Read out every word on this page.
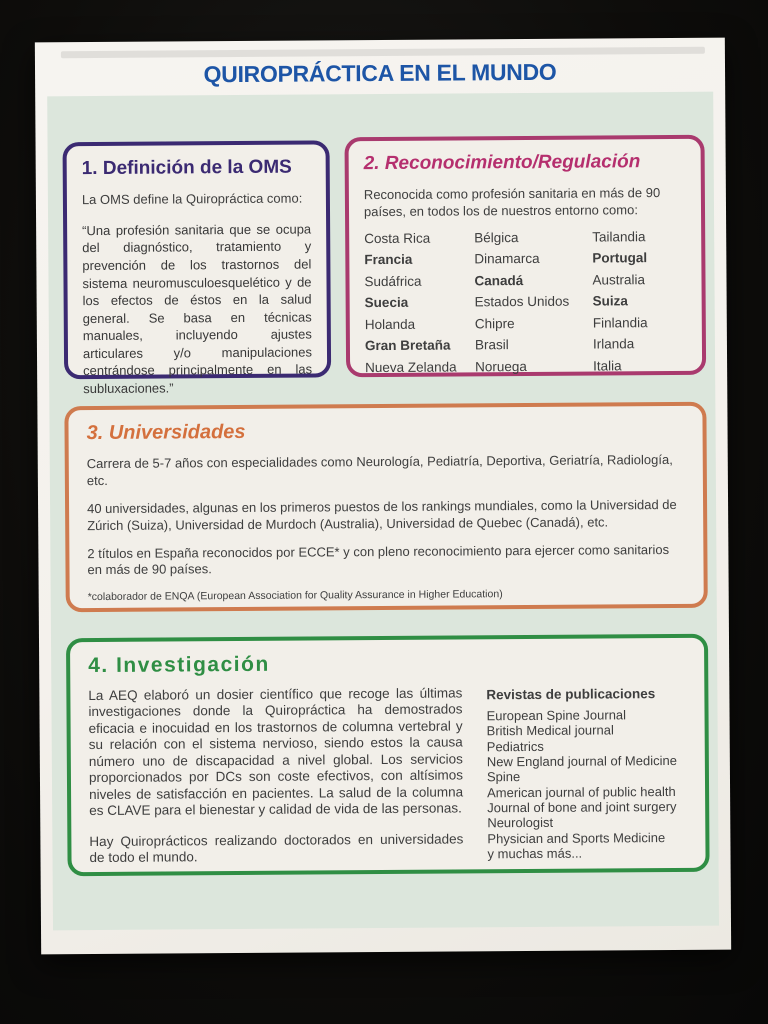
QUIROPRÁCTICA EN EL MUNDO

1. Definición de la OMS

La OMS define la Quiropráctica como:
“Una profesión sanitaria que se ocupa del diagnóstico, tratamiento y prevención de los trastornos del sistema neuromusculoesquelético y de los efectos de éstos en la salud general. Se basa en técnicas manuales, incluyendo ajustes articulares y/o manipulaciones centrándose principalmente en las subluxaciones.”

2. Reconocimiento/Regulación

Reconocida como profesión sanitaria en más de 90 países, en todos los de nuestros entorno como:
Costa Rica	Bélgica	Tailandia
Francia	Dinamarca	Portugal
Sudáfrica	Canadá	Australia
Suecia	Estados Unidos	Suiza
Holanda	Chipre	Finlandia
Gran Bretaña	Brasil	Irlanda
Nueva Zelanda	Noruega	Italia

3. Universidades

Carrera de 5-7 años con especialidades como Neurología, Pediatría, Deportiva, Geriatría, Radiología, etc.

40 universidades, algunas en los primeros puestos de los rankings mundiales, como la Universidad de Zúrich (Suiza), Universidad de Murdoch (Australia), Universidad de Quebec (Canadá), etc.

2 títulos en España reconocidos por ECCE* y con pleno reconocimiento para ejercer como sanitarios en más de 90 países.

*colaborador de ENQA (European Association for Quality Assurance in Higher Education)

4. Investigación

La AEQ elaboró un dosier científico que recoge las últimas investigaciones donde la Quiropráctica ha demostrados eficacia e inocuidad en los trastornos de columna vertebral y su relación con el sistema nervioso, siendo estos la causa número uno de discapacidad a nivel global. Los servicios proporcionados por DCs son coste efectivos, con altísimos niveles de satisfacción en pacientes. La salud de la columna es CLAVE para el bienestar y calidad de vida de las personas.

Hay Quiroprácticos realizando doctorados en universidades de todo el mundo.

Revistas de publicaciones

European Spine Journal
British Medical journal
Pediatrics
New England journal of Medicine
Spine
American journal of public health
Journal of bone and joint surgery
Neurologist
Physician and Sports Medicine
y muchas más...
